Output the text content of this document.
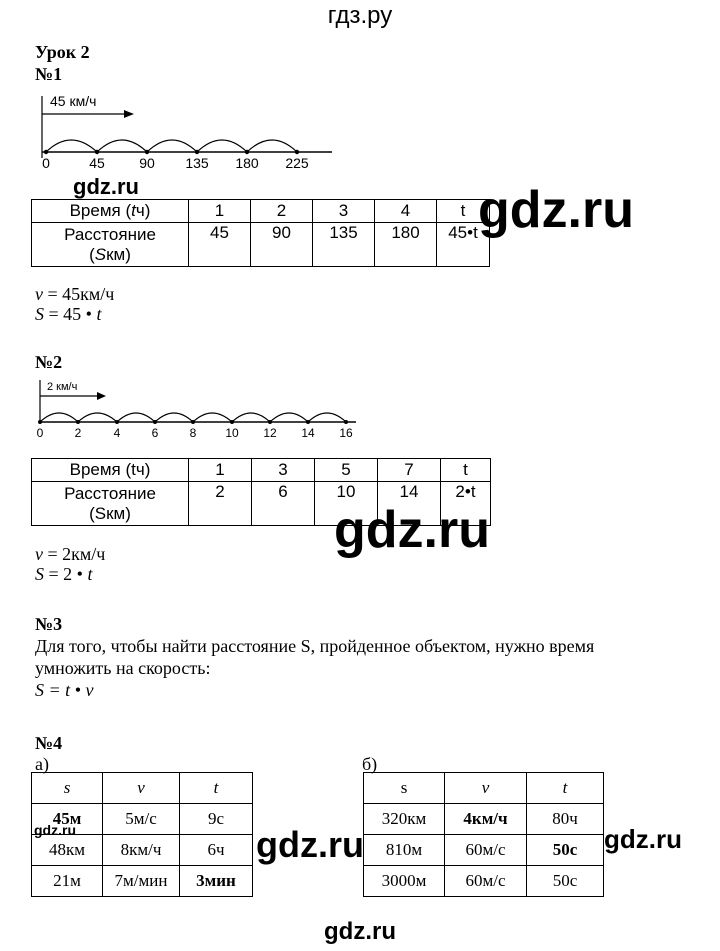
гдз.ру
Урок 2
№1
45 км/ч
0	45 90 135 180 225
gdz.ru
Время (tч)	1	2	3	4	t

Расстояние
(Sкм)	45	90	135	180	45•t gdz.ru
v = 45км/ч
S = 45 • t
№2
2 км/ч
0	2	4	6	8 10 12 14 16
Время (tч)	1	3	5	7	t

Расстояние
(Sкм)	2	6	10	14	2•t
gdz.ru
v = 2км/ч
S = 2 • t
№3
Для того, чтобы найти расстояние S, пройденное объектом, нужно время
умножить на скорость:
S = t • v
№4
а)	б)
s	v	t
45м	5м/с	9с
48км	8км/ч	6ч
21м	7м/мин	3мин
gdz.ru
s	v	t
320км	4км/ч	80ч
810м	60м/с	50с
3000м	60м/с	50с
gdz.ru	gdz.ru
gdz.ru
